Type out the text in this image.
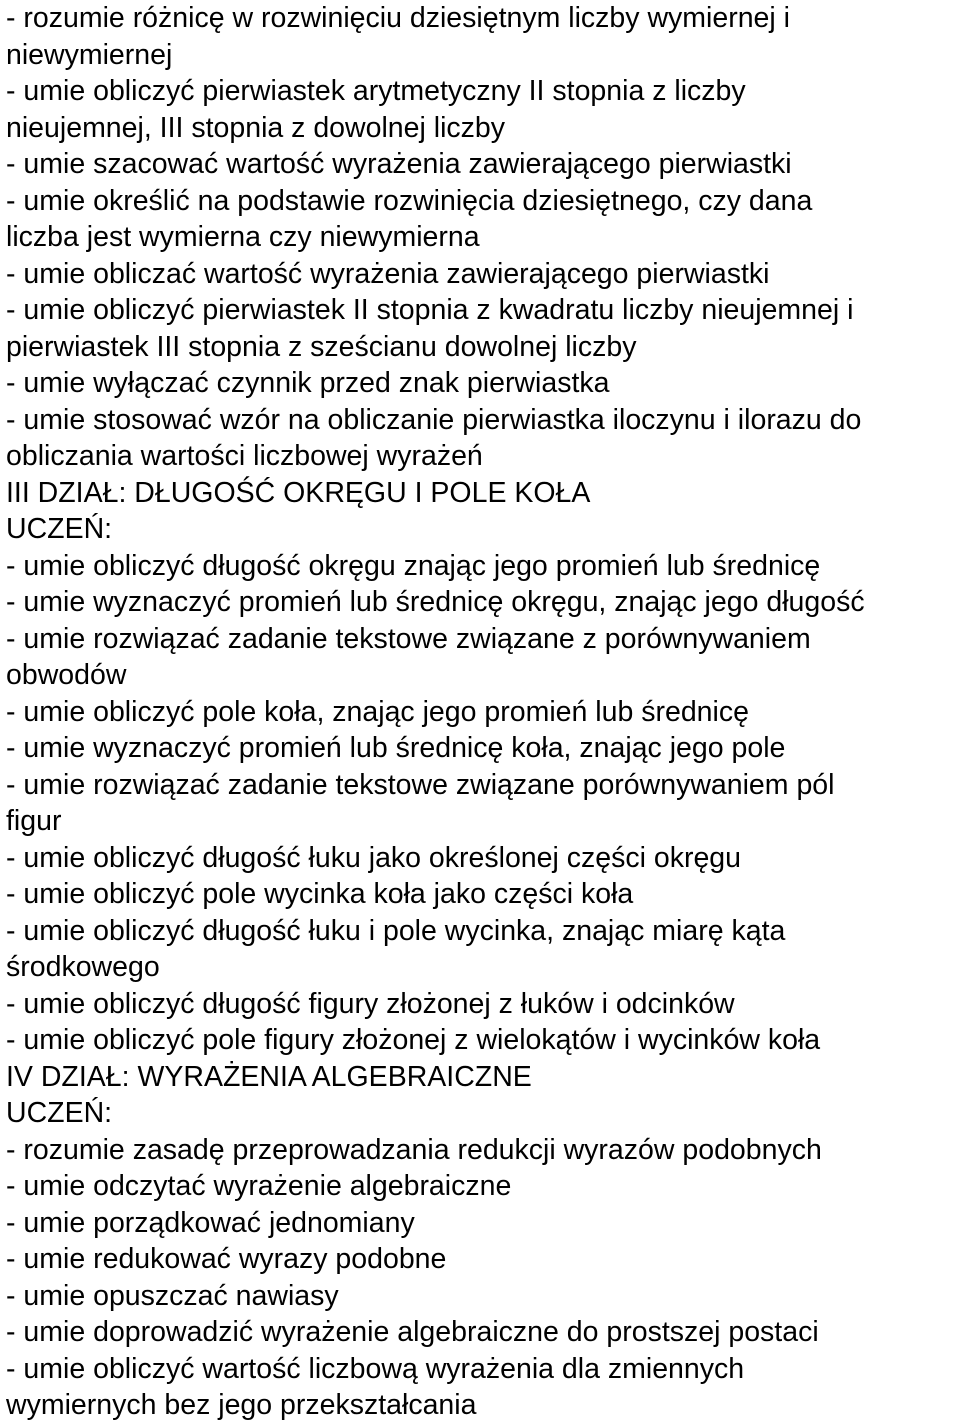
- rozumie różnicę w rozwinięciu dziesiętnym liczby wymiernej i
niewymiernej
- umie obliczyć pierwiastek arytmetyczny II stopnia z liczby
nieujemnej, III stopnia z dowolnej liczby
- umie szacować wartość wyrażenia zawierającego pierwiastki
- umie określić na podstawie rozwinięcia dziesiętnego, czy dana
liczba jest wymierna czy niewymierna
- umie obliczać wartość wyrażenia zawierającego pierwiastki
- umie obliczyć pierwiastek II stopnia z kwadratu liczby nieujemnej i
pierwiastek III stopnia z sześcianu dowolnej liczby
- umie wyłączać czynnik przed znak pierwiastka
- umie stosować wzór na obliczanie pierwiastka iloczynu i ilorazu do
obliczania wartości liczbowej wyrażeń
III DZIAŁ: DŁUGOŚĆ OKRĘGU I POLE KOŁA
UCZEŃ:
- umie obliczyć długość okręgu znając jego promień lub średnicę
- umie wyznaczyć promień lub średnicę okręgu, znając jego długość
- umie rozwiązać zadanie tekstowe związane z porównywaniem
obwodów
- umie obliczyć pole koła, znając jego promień lub średnicę
- umie wyznaczyć promień lub średnicę koła, znając jego pole
- umie rozwiązać zadanie tekstowe związane porównywaniem pól
figur
- umie obliczyć długość łuku jako określonej części okręgu
- umie obliczyć pole wycinka koła jako części koła
- umie obliczyć długość łuku i pole wycinka, znając miarę kąta
środkowego
- umie obliczyć długość figury złożonej z łuków i odcinków
- umie obliczyć pole figury złożonej z wielokątów i wycinków koła
IV DZIAŁ: WYRAŻENIA ALGEBRAICZNE
UCZEŃ:
- rozumie zasadę przeprowadzania redukcji wyrazów podobnych
- umie odczytać wyrażenie algebraiczne
- umie porządkować jednomiany
- umie redukować wyrazy podobne
- umie opuszczać nawiasy
- umie doprowadzić wyrażenie algebraiczne do prostszej postaci
- umie obliczyć wartość liczbową wyrażenia dla zmiennych
wymiernych bez jego przekształcania
